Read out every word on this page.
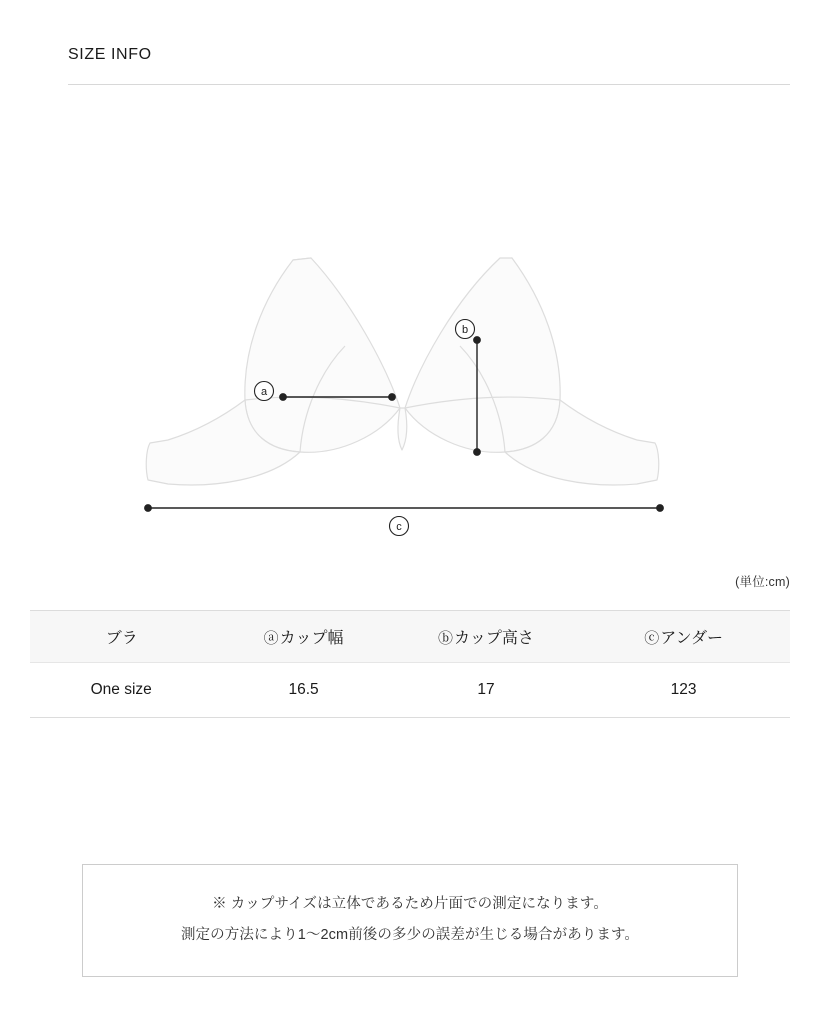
SIZE INFO
a
b
c
(単位:cm)
ブラ	ⓐカップ幅	ⓑカップ高さ	ⓒアンダー
One size	16.5	17	123
※ カップサイズは立体であるため片面での測定になります。
測定の方法により1〜2cm前後の多少の誤差が生じる場合があります。
